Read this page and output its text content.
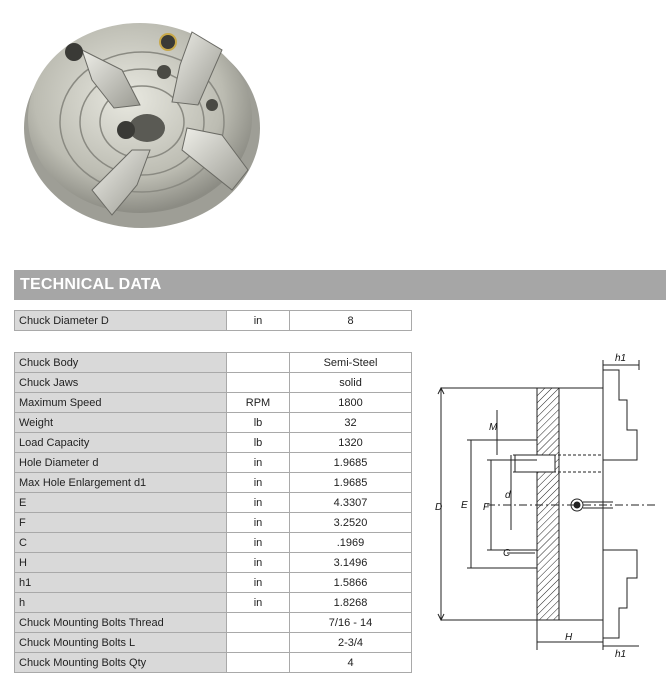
TECHNICAL DATA
Chuck Diameter D	in	8
Chuck Body		Semi-Steel
Chuck Jaws		solid
Maximum Speed	RPM	1800
Weight	lb	32
Load Capacity	lb	1320
Hole Diameter d	in	1.9685
Max Hole Enlargement d1	in	1.9685
E	in	4.3307
F	in	3.2520
C	in	.1969
H	in	3.1496
h1	in	1.5866
h	in	1.8268
Chuck Mounting Bolts Thread		7/16 - 14
Chuck Mounting Bolts L		2-3/4
Chuck Mounting Bolts Qty		4
D E F
d
M
C
H
h1
h1
